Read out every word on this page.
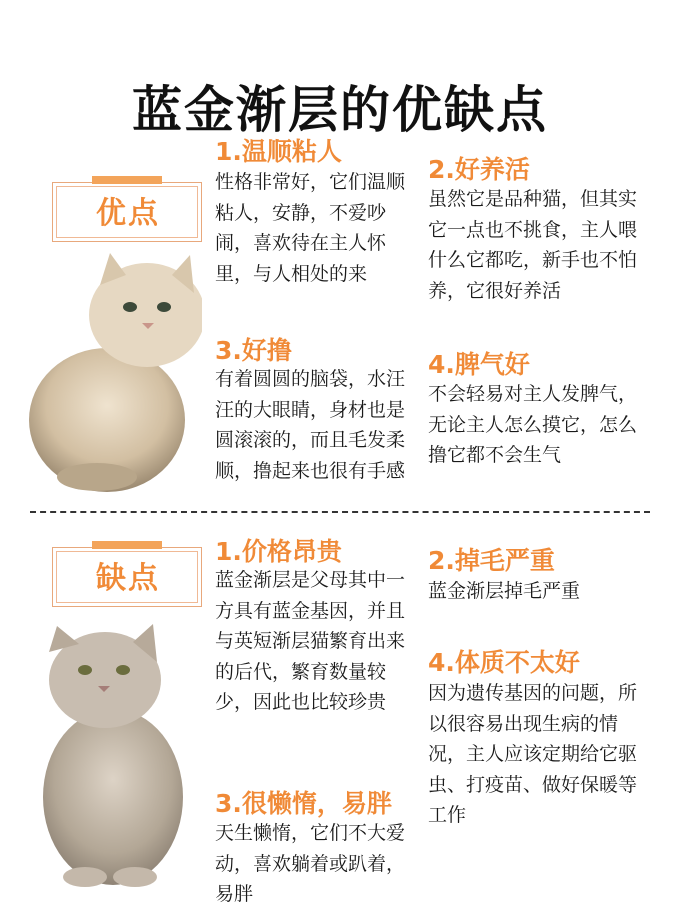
蓝金渐层的优缺点
优点
1.温顺粘人
性格非常好，它们温顺粘人，安静，不爱吵闹，喜欢待在主人怀里，与人相处的来
2.好养活
虽然它是品种猫，但其实它一点也不挑食，主人喂什么它都吃，新手也不怕养，它很好养活
3.好撸
有着圆圆的脑袋，水汪汪的大眼睛，身材也是圆滚滚的，而且毛发柔顺，撸起来也很有手感
4.脾气好
不会轻易对主人发脾气，无论主人怎么摸它，怎么撸它都不会生气
缺点
1.价格昂贵
蓝金渐层是父母其中一方具有蓝金基因，并且与英短渐层猫繁育出来的后代，繁育数量较少，因此也比较珍贵
2.掉毛严重
蓝金渐层掉毛严重
3.很懒惰，易胖
天生懒惰，它们不大爱动，喜欢躺着或趴着，易胖
4.体质不太好
因为遗传基因的问题，所以很容易出现生病的情况，主人应该定期给它驱虫、打疫苗、做好保暖等工作
